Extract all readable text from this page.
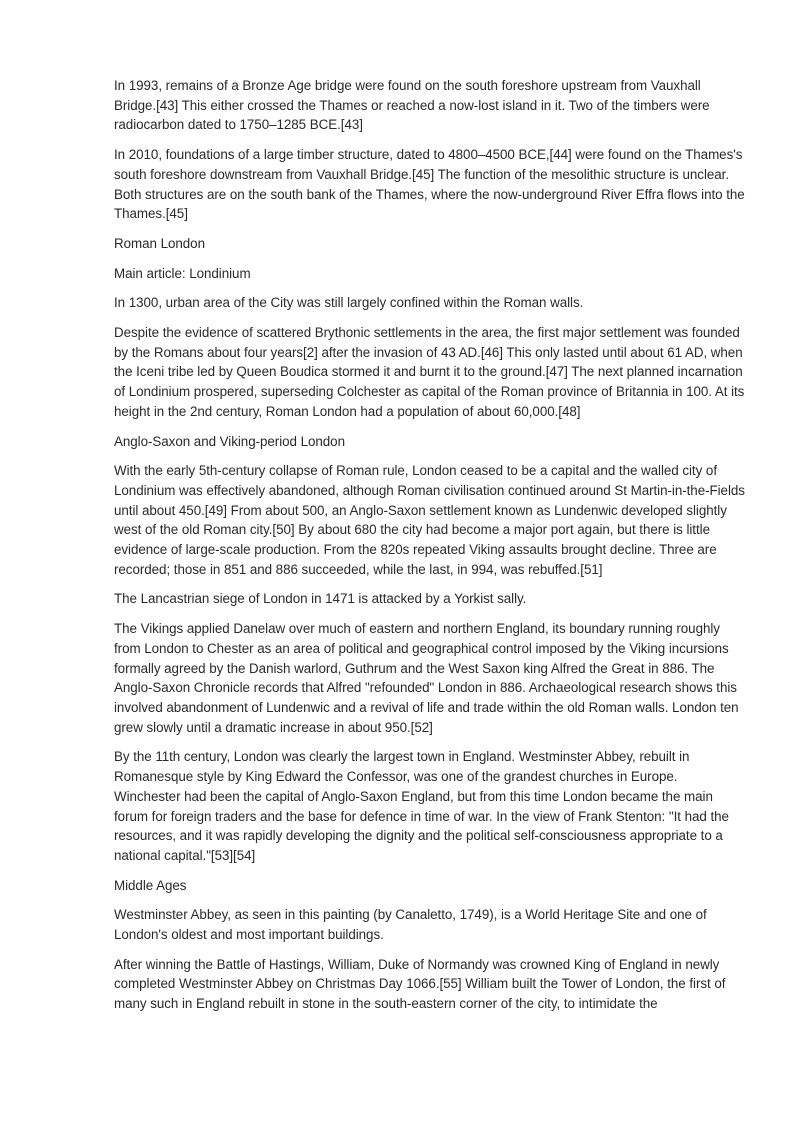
In 1993, remains of a Bronze Age bridge were found on the south foreshore upstream from Vauxhall Bridge.[43] This either crossed the Thames or reached a now-lost island in it. Two of the timbers were radiocarbon dated to 1750–1285 BCE.[43]

In 2010, foundations of a large timber structure, dated to 4800–4500 BCE,[44] were found on the Thames's south foreshore downstream from Vauxhall Bridge.[45] The function of the mesolithic structure is unclear. Both structures are on the south bank of the Thames, where the now-underground River Effra flows into the Thames.[45]

Roman London

Main article: Londinium

In 1300, urban area of the City was still largely confined within the Roman walls.

Despite the evidence of scattered Brythonic settlements in the area, the first major settlement was founded by the Romans about four years[2] after the invasion of 43 AD.[46] This only lasted until about 61 AD, when the Iceni tribe led by Queen Boudica stormed it and burnt it to the ground.[47] The next planned incarnation of Londinium prospered, superseding Colchester as capital of the Roman province of Britannia in 100. At its height in the 2nd century, Roman London had a population of about 60,000.[48]

Anglo-Saxon and Viking-period London

With the early 5th-century collapse of Roman rule, London ceased to be a capital and the walled city of Londinium was effectively abandoned, although Roman civilisation continued around St Martin-in-the-Fields until about 450.[49] From about 500, an Anglo-Saxon settlement known as Lundenwic developed slightly west of the old Roman city.[50] By about 680 the city had become a major port again, but there is little evidence of large-scale production. From the 820s repeated Viking assaults brought decline. Three are recorded; those in 851 and 886 succeeded, while the last, in 994, was rebuffed.[51]

The Lancastrian siege of London in 1471 is attacked by a Yorkist sally.

The Vikings applied Danelaw over much of eastern and northern England, its boundary running roughly from London to Chester as an area of political and geographical control imposed by the Viking incursions formally agreed by the Danish warlord, Guthrum and the West Saxon king Alfred the Great in 886. The Anglo-Saxon Chronicle records that Alfred "refounded" London in 886. Archaeological research shows this involved abandonment of Lundenwic and a revival of life and trade within the old Roman walls. London ten grew slowly until a dramatic increase in about 950.[52]

By the 11th century, London was clearly the largest town in England. Westminster Abbey, rebuilt in Romanesque style by King Edward the Confessor, was one of the grandest churches in Europe. Winchester had been the capital of Anglo-Saxon England, but from this time London became the main forum for foreign traders and the base for defence in time of war. In the view of Frank Stenton: "It had the resources, and it was rapidly developing the dignity and the political self-consciousness appropriate to a national capital."[53][54]

Middle Ages

Westminster Abbey, as seen in this painting (by Canaletto, 1749), is a World Heritage Site and one of London's oldest and most important buildings.

After winning the Battle of Hastings, William, Duke of Normandy was crowned King of England in newly completed Westminster Abbey on Christmas Day 1066.[55] William built the Tower of London, the first of many such in England rebuilt in stone in the south-eastern corner of the city, to intimidate the
